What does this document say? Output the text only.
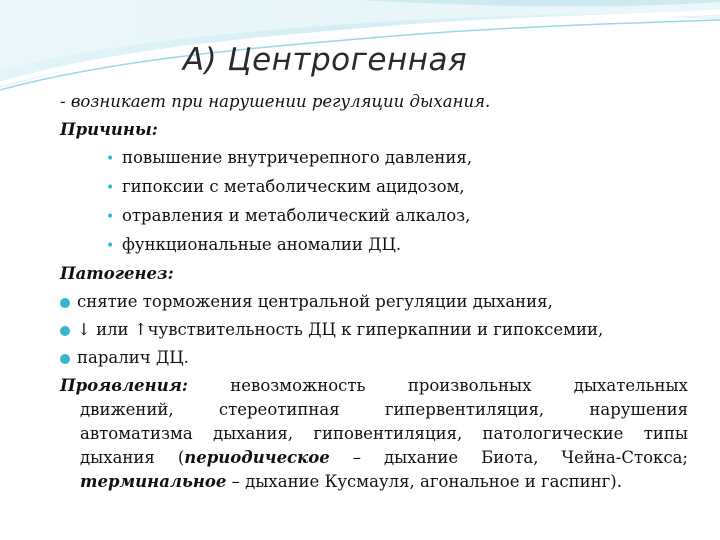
А) Центрогенная
- возникает при нарушении регуляции дыхания.
Причины:
• повышение внутричерепного давления,
• гипоксии с метаболическим ацидозом,
• отравления и метаболический алкалоз,
• функциональные аномалии ДЦ.
Патогенез:
снятие торможения центральной регуляции дыхания,
↓ или ↑чувствительность ДЦ к гиперкапнии и гипоксемии,
паралич ДЦ.
Проявления: невозможность произвольных дыхательных
движений, стереотипная гипервентиляция, нарушения
автоматизма дыхания, гиповентиляция, патологические типы
дыхания (периодическое – дыхание Биота, Чейна-Стокса;
терминальное – дыхание Кусмауля, агональное и гаспинг).
